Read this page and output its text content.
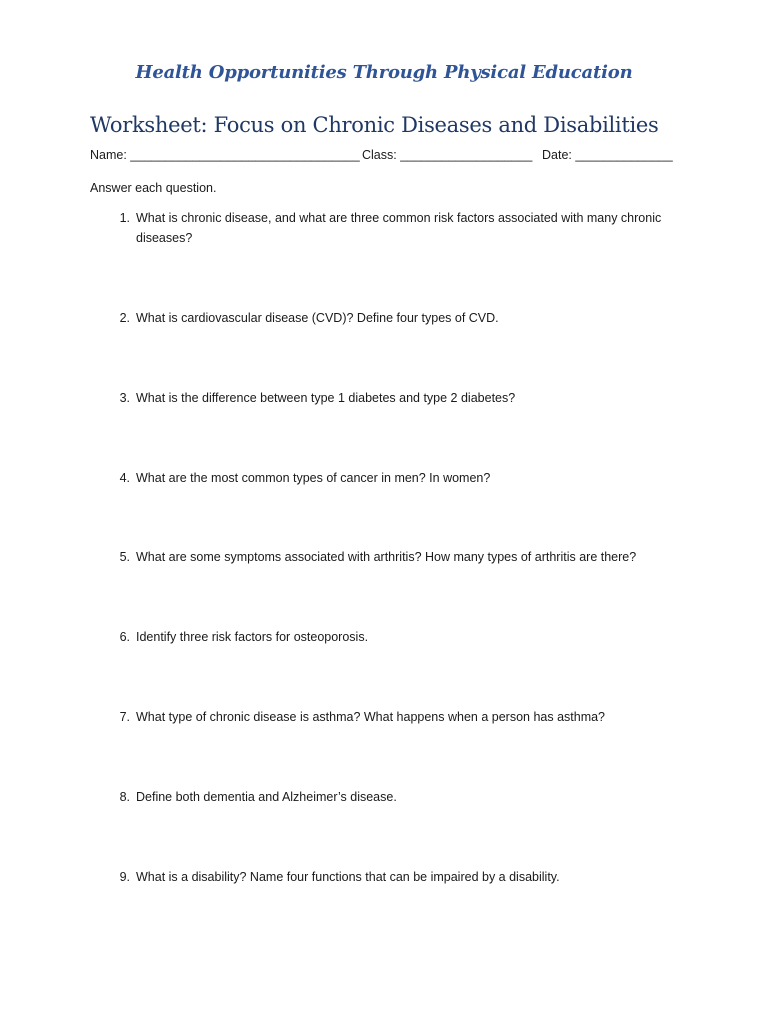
Health Opportunities Through Physical Education
Worksheet: Focus on Chronic Diseases and Disabilities
Name: _________________________________ Class: ___________________ Date: ______________
Answer each question.
1. What is chronic disease, and what are three common risk factors associated with many chronic diseases?
2. What is cardiovascular disease (CVD)? Define four types of CVD.
3. What is the difference between type 1 diabetes and type 2 diabetes?
4. What are the most common types of cancer in men? In women?
5. What are some symptoms associated with arthritis? How many types of arthritis are there?
6. Identify three risk factors for osteoporosis.
7. What type of chronic disease is asthma? What happens when a person has asthma?
8. Define both dementia and Alzheimer’s disease.
9. What is a disability? Name four functions that can be impaired by a disability.
